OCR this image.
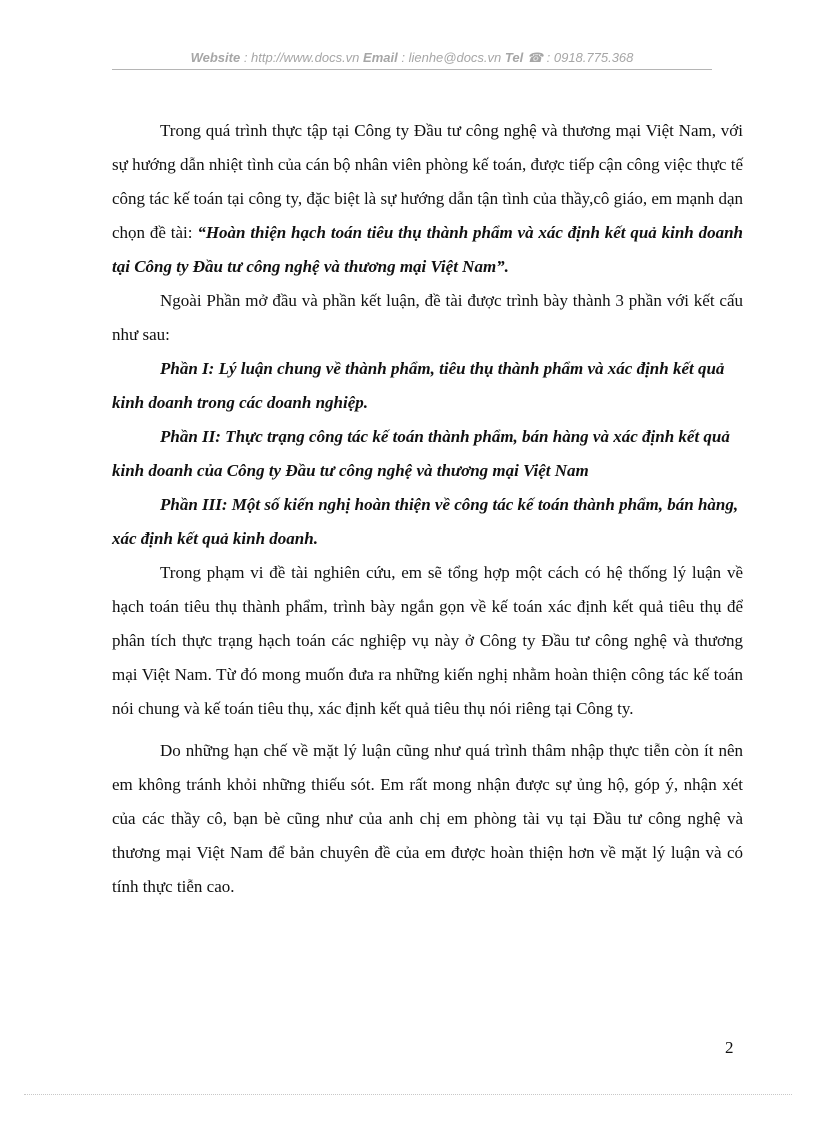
Website : http://www.docs.vn Email : lienhe@docs.vn Tel ☎ : 0918.775.368

Trong quá trình thực tập tại Công ty Đầu tư công nghệ và thương mại Việt Nam, với sự hướng dẫn nhiệt tình của cán bộ nhân viên phòng kế toán, được tiếp cận công việc thực tế công tác kế toán tại công ty, đặc biệt là sự hướng dẫn tận tình của thầy,cô giáo, em mạnh dạn chọn đề tài: “Hoàn thiện hạch toán tiêu thụ thành phẩm và xác định kết quả kinh doanh tại Công ty Đầu tư công nghệ và thương mại Việt Nam”.

Ngoài Phần mở đầu và phần kết luận, đề tài được trình bày thành 3 phần với kết cấu như sau:

Phần I: Lý luận chung về thành phẩm, tiêu thụ thành phẩm và xác định kết quả kinh doanh trong các doanh nghiệp.

Phần II: Thực trạng công tác kế toán thành phẩm, bán hàng và xác định kết quả kinh doanh của Công ty Đầu tư công nghệ và thương mại Việt Nam

Phần III: Một số kiến nghị hoàn thiện về công tác kế toán thành phẩm, bán hàng, xác định kết quả kinh doanh.

Trong phạm vi đề tài nghiên cứu, em sẽ tổng hợp một cách có hệ thống lý luận về hạch toán tiêu thụ thành phẩm, trình bày ngắn gọn về kế toán xác định kết quả tiêu thụ để phân tích thực trạng hạch toán các nghiệp vụ này ở Công ty Đầu tư công nghệ và thương mại Việt Nam. Từ đó mong muốn đưa ra những kiến nghị nhằm hoàn thiện công tác kế toán nói chung và kế toán tiêu thụ, xác định kết quả tiêu thụ nói riêng tại Công ty.

Do những hạn chế về mặt lý luận cũng như quá trình thâm nhập thực tiễn còn ít nên em không tránh khỏi những thiếu sót. Em rất mong nhận được sự ủng hộ, góp ý, nhận xét của các thầy cô, bạn bè cũng như của anh chị em phòng tài vụ tại Đầu tư công nghệ và thương mại Việt Nam để bản chuyên đề của em được hoàn thiện hơn về mặt lý luận và có tính thực tiễn cao.

2
